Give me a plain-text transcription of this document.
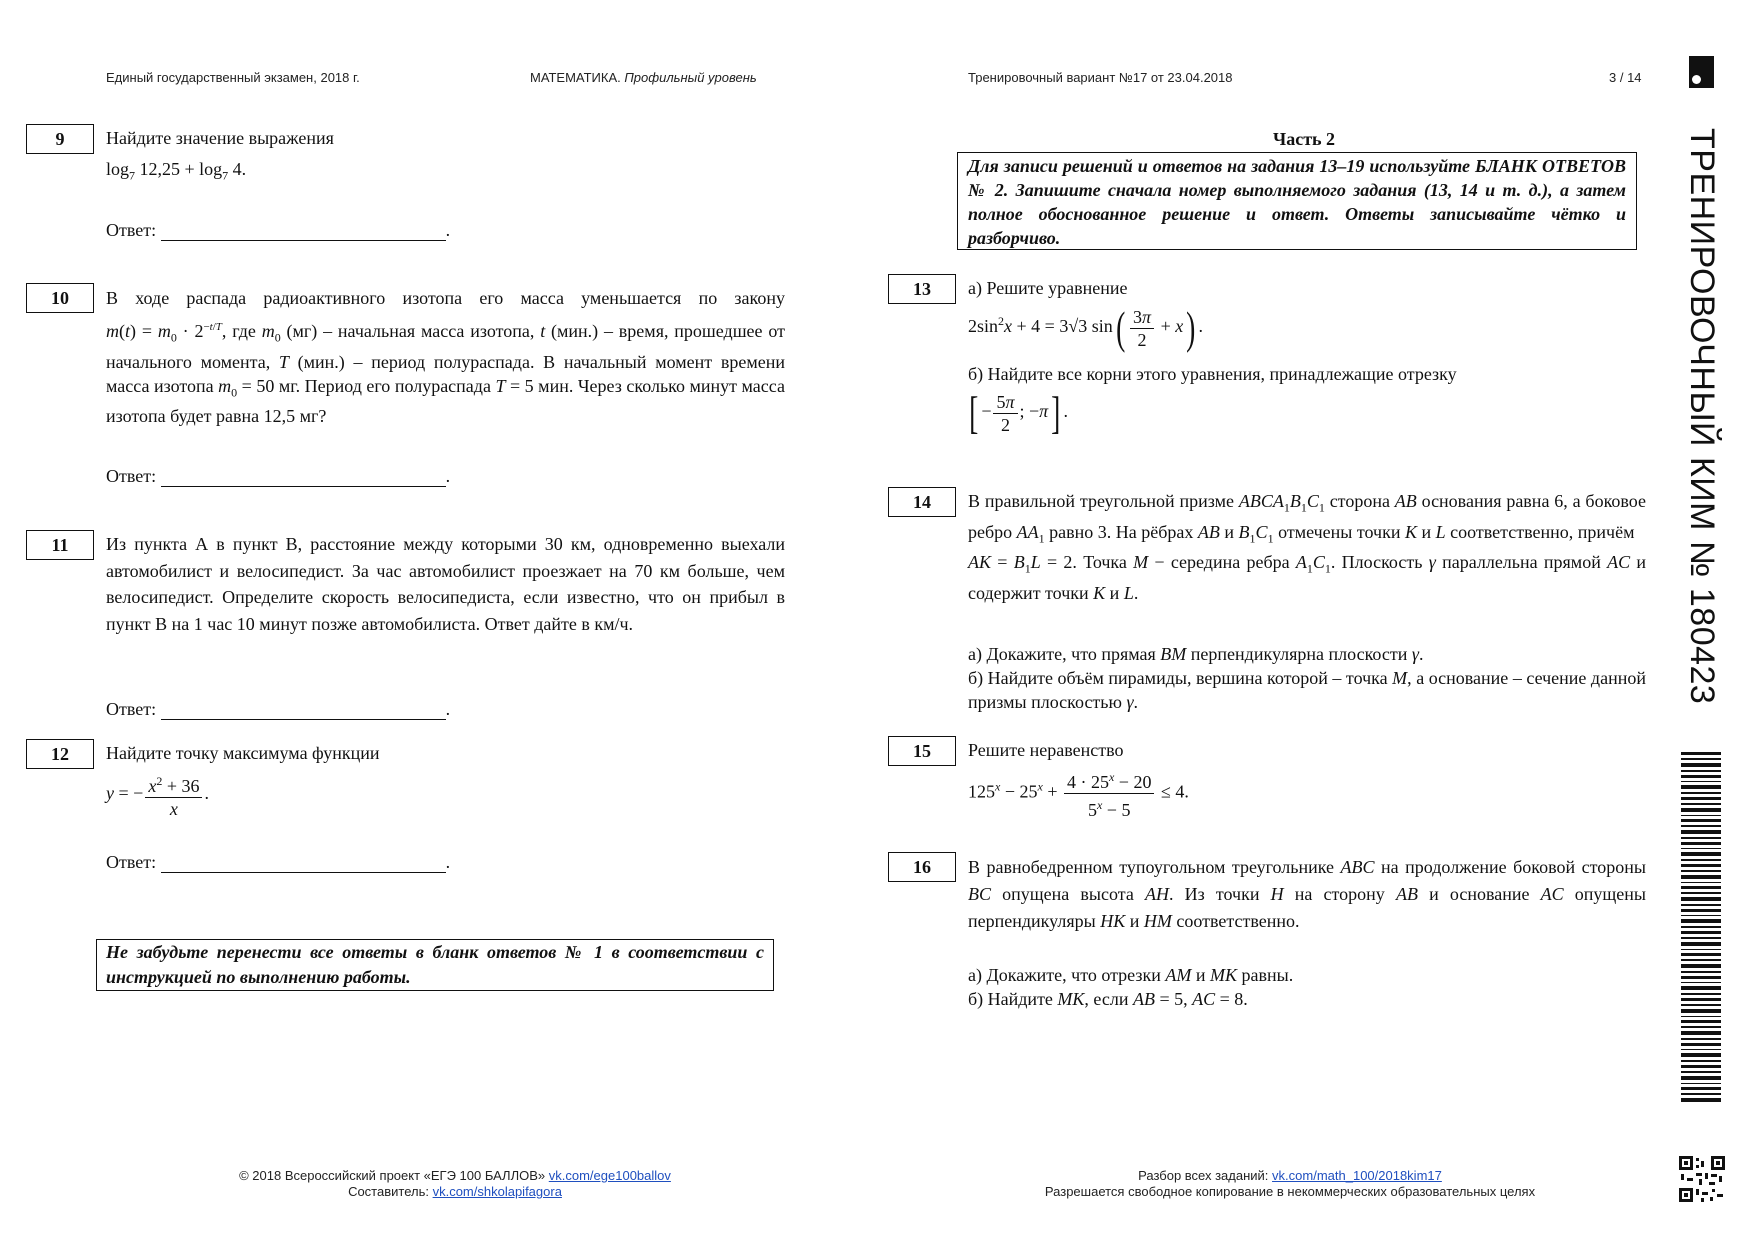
Единый государственный экзамен, 2018 г.	МАТЕМАТИКА. Профильный уровень	Тренировочный вариант №17 от 23.04.2018	3 / 14
9	Найдите значение выражения
$\log_7 12,25 + \log_7 4$.
Ответ:	.
10	В ходе распада радиоактивного изотопа его масса уменьшается по закону
$m(t) = m_0 \cdot 2^{-t/T}$, где $m_0$ (мг) – начальная масса изотопа, t (мин.) – время, прошедшее от начального момента, T (мин.) – период полураспада. В начальный момент времени масса изотопа $m_0 = 50$ мг. Период его полураспада T = 5 мин. Через сколько минут масса изотопа будет равна 12,5 мг?
Ответ:	.
11	Из пункта А в пункт В, расстояние между которыми 30 км, одновременно выехали автомобилист и велосипедист. За час автомобилист проезжает на 70 км больше, чем велосипедист. Определите скорость велосипедиста, если известно, что он прибыл в пункт В на 1 час 10 минут позже автомобилиста. Ответ дайте в км/ч.
Ответ:	.
12	Найдите точку максимума функции
y = − $\frac{x^2 + 36}{x}$ .
Ответ:	.
Не забудьте перенести все ответы в бланк ответов № 1 в соответствии с инструкцией по выполнению работы.
Часть 2
Для записи решений и ответов на задания 13–19 используйте БЛАНК ОТВЕТОВ № 2. Запишите сначала номер выполняемого задания (13, 14 и т. д.), а затем полное обоснованное решение и ответ. Ответы записывайте чётко и разборчиво.
13	а) Решите уравнение
$2\sin^2x + 4 = 3√3$ $\sin( \frac{3\pi}{2} + x)$ .
б) Найдите все корни этого уравнения, принадлежащие отрезку
[ − $\frac{5\pi}{2}$ ; −π] .
14	В правильной треугольной призме $ABCA_1B_1C_1$ сторона AB основания равна 6, а боковое ребро $AA_1$ равно 3. На рёбрах AB и $B_1C_1$ отмечены точки K и L соответственно, причём
AK = $B_1L = 2$. Точка M − середина ребра $A_1C_1$. Плоскость γ параллельна прямой AC и содержит точки K и L.
а) Докажите, что прямая BM перпендикулярна плоскости γ.
б) Найдите объём пирамиды, вершина которой – точка M, а основание – сечение данной призмы плоскостью γ.
15	Решите неравенство
$125^x - 25^x + \frac{4 \cdot 25^x - 20}{5^x - 5} \le 4$.
16	В равнобедренном тупоугольном треугольнике ABC на продолжение боковой стороны BC опущена высота AH. Из точки H на сторону AB и основание AC опущены перпендикуляры HK и HM соответственно.
а) Докажите, что отрезки AM и MK равны.
б) Найдите MK, если AB = 5, AC = 8.
ТРЕНИРОВОЧНЫЙ КИМ № 180423
© 2018 Всероссийский проект «ЕГЭ 100 БАЛЛОВ» vk.com/ege100ballov
Составитель: vk.com/shkolapifagora
Разбор всех заданий: vk.com/math_100/2018kim17
Разрешается свободное копирование в некоммерческих образовательных целях
